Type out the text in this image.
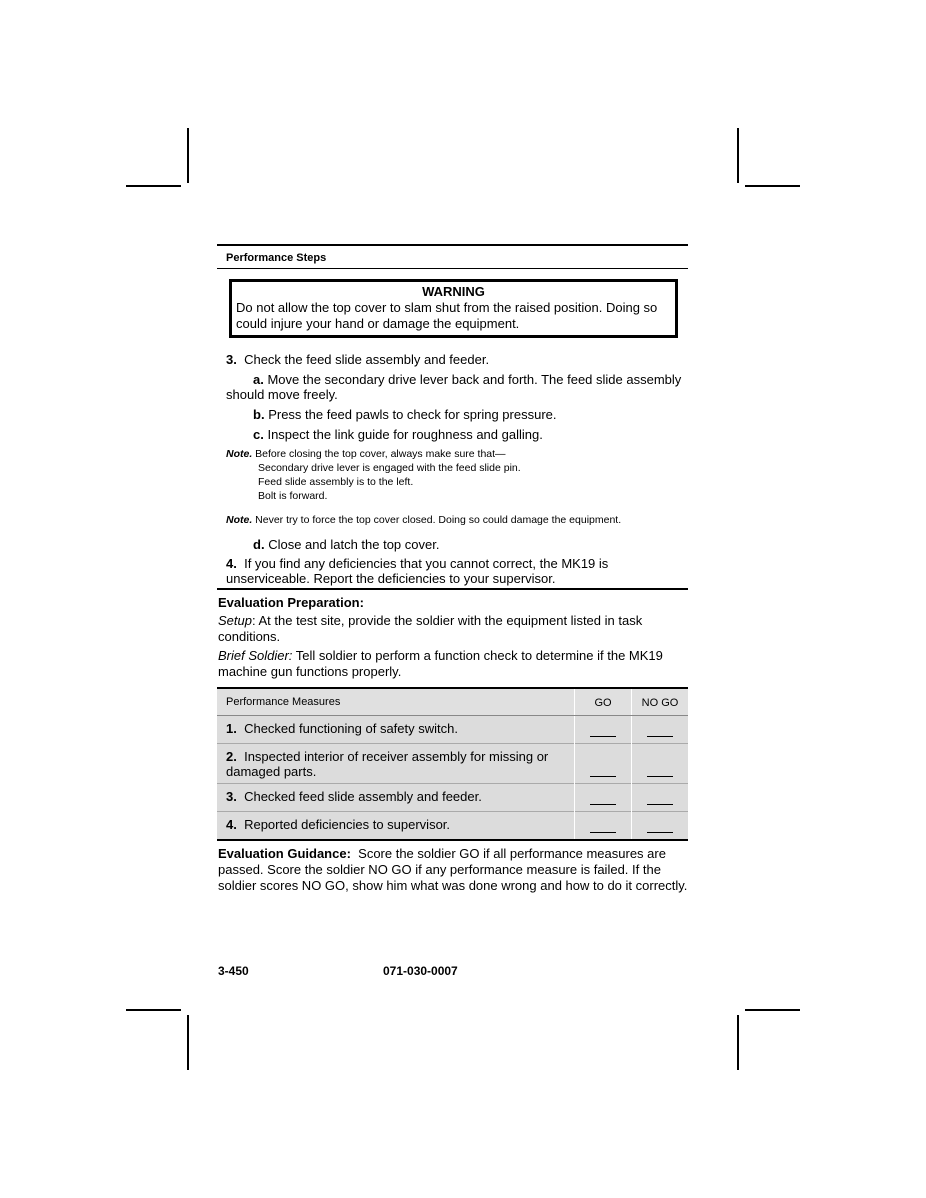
Performance Steps
WARNING
Do not allow the top cover to slam shut from the raised position. Doing so could injure your hand or damage the equipment.
3. Check the feed slide assembly and feeder.
a. Move the secondary drive lever back and forth. The feed slide assembly should move freely.
b. Press the feed pawls to check for spring pressure.
c. Inspect the link guide for roughness and galling.
Note. Before closing the top cover, always make sure that—
Secondary drive lever is engaged with the feed slide pin.
Feed slide assembly is to the left.
Bolt is forward.
Note. Never try to force the top cover closed. Doing so could damage the equipment.
d. Close and latch the top cover.
4. If you find any deficiencies that you cannot correct, the MK19 is unserviceable. Report the deficiencies to your supervisor.
Evaluation Preparation:
Setup: At the test site, provide the soldier with the equipment listed in task conditions.
Brief Soldier: Tell soldier to perform a function check to determine if the MK19 machine gun functions properly.
Performance Measures	GO	NO GO
1. Checked functioning of safety switch.		
2. Inspected interior of receiver assembly for missing or damaged parts.		
3. Checked feed slide assembly and feeder.		
4. Reported deficiencies to supervisor.		
Evaluation Guidance:  Score the soldier GO if all performance measures are passed. Score the soldier NO GO if any performance measure is failed. If the soldier scores NO GO, show him what was done wrong and how to do it correctly.
3-450	071-030-0007
